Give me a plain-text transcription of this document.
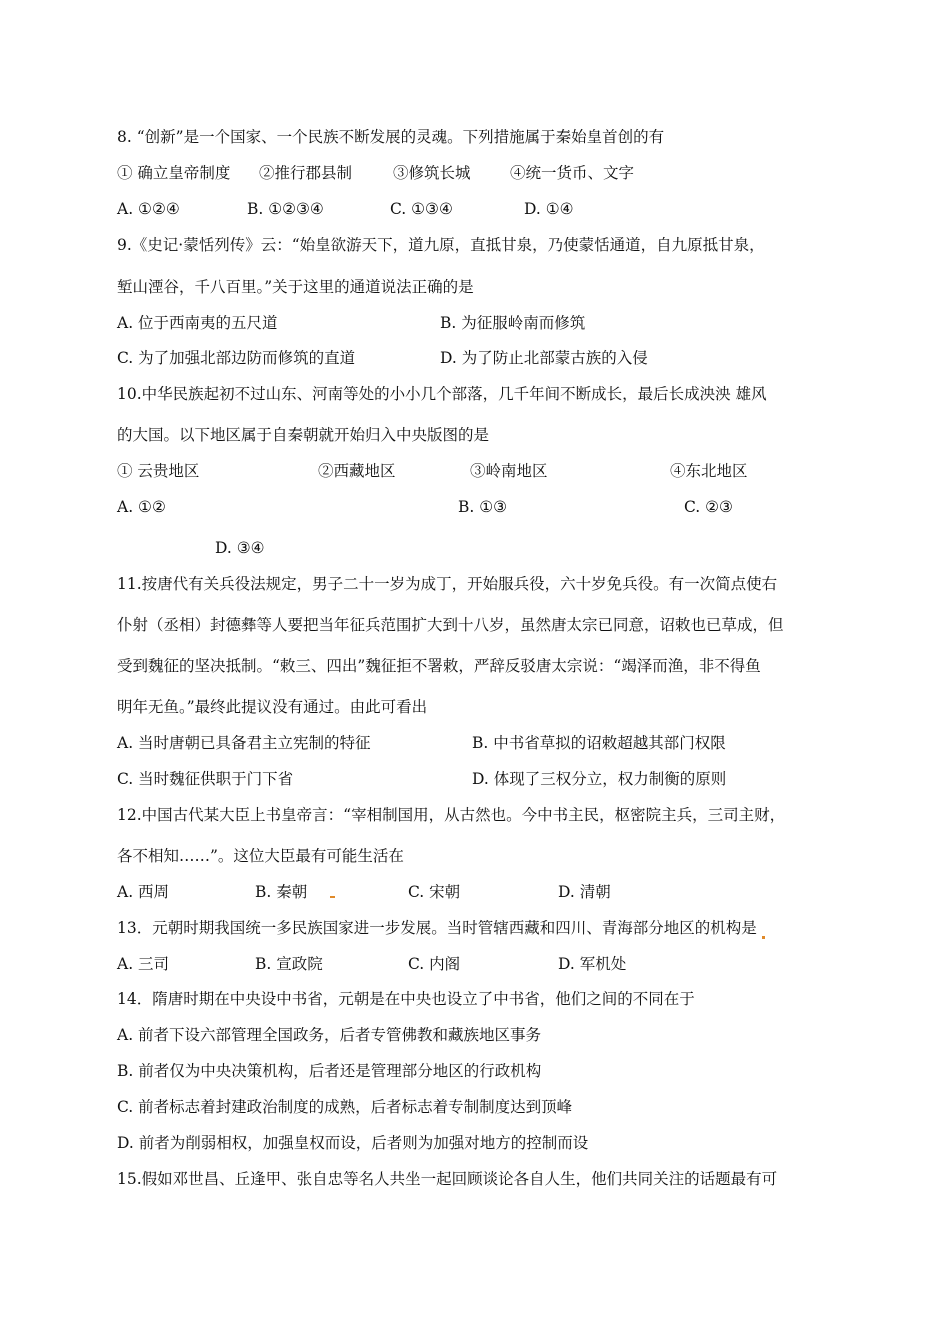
8. “创新”是一个国家、一个民族不断发展的灵魂。下列措施属于秦始皇首创的有
① 确立皇帝制度 ②推行郡县制	③修筑长城	④统一货币、文字
A. ①②④	B. ①②③④	C. ①③④	D. ①④
9.《史记·蒙恬列传》云：“始皇欲游天下，道九原，直抵甘泉，乃使蒙恬通道，自九原抵甘泉，
堑山湮谷，千八百里。”关于这里的通道说法正确的是
A. 位于西南夷的五尺道	B. 为征服岭南而修筑
C. 为了加强北部边防而修筑的直道	D. 为了防止北部蒙古族的入侵
10.中华民族起初不过山东、河南等处的小小几个部落，几千年间不断成长，最后长成泱泱 雄风
的大国。以下地区属于自秦朝就开始归入中央版图的是
① 云贵地区	②西藏地区	③岭南地区	④东北地区
A. ①②	B. ①③	C. ②③
D. ③④
11.按唐代有关兵役法规定，男子二十一岁为成丁，开始服兵役，六十岁免兵役。有一次简点使右
仆射（丞相）封德彝等人要把当年征兵范围扩大到十八岁，虽然唐太宗已同意，诏敕也已草成，但
受到魏征的坚决抵制。“敕三、四出”魏征拒不署敕，严辞反驳唐太宗说：“竭泽而渔，非不得鱼
明年无鱼。”最终此提议没有通过。由此可看出
A. 当时唐朝已具备君主立宪制的特征	B. 中书省草拟的诏敕超越其部门权限
C. 当时魏征供职于门下省	D. 体现了三权分立，权力制衡的原则
12.中国古代某大臣上书皇帝言：“宰相制国用，从古然也。今中书主民，枢密院主兵，三司主财，
各不相知……”。这位大臣最有可能生活在
A. 西周	B. 秦朝	C. 宋朝	D. 清朝
13．元朝时期我国统一多民族国家进一步发展。当时管辖西藏和四川、青海部分地区的机构是
A. 三司	B. 宣政院	C. 内阁	D. 军机处
14．隋唐时期在中央设中书省，元朝是在中央也设立了中书省，他们之间的不同在于
A. 前者下设六部管理全国政务，后者专管佛教和藏族地区事务
B. 前者仅为中央决策机构，后者还是管理部分地区的行政机构
C. 前者标志着封建政治制度的成熟，后者标志着专制制度达到顶峰
D. 前者为削弱相权，加强皇权而设，后者则为加强对地方的控制而设
15.假如邓世昌、丘逢甲、张自忠等名人共坐一起回顾谈论各自人生，他们共同关注的话题最有可
